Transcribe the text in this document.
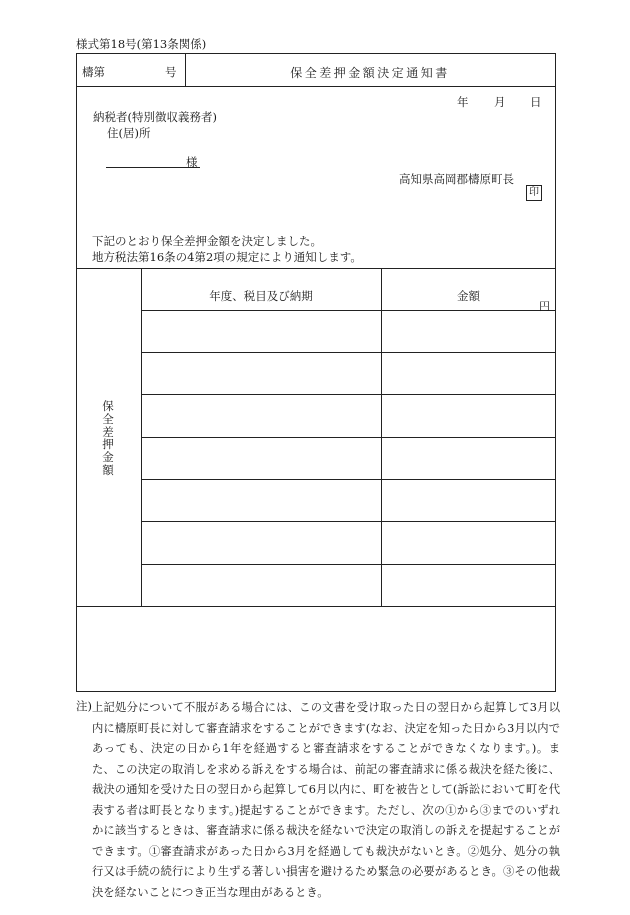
様式第18号(第13条関係)
檮第	号	保全差押金額決定通知書
年 月 日
納税者(特別徴収義務者)
住(居)所
様
高知県高岡郡檮原町長
印
下記のとおり保全差押金額を決定しました。
地方税法第16条の4第2項の規定により通知します。
保全差押金額
年度、税目及び納期	金額
円
注) 上記処分について不服がある場合には、この文書を受け取った日の翌日から起算して3月以内に檮原町長に対して審査請求をすることができます(なお、決定を知った日から3月以内であっても、決定の日から1年を経過すると審査請求をすることができなくなります。)。また、この決定の取消しを求める訴えをする場合は、前記の審査請求に係る裁決を経た後に、裁決の通知を受けた日の翌日から起算して6月以内に、町を被告として(訴訟において町を代表する者は町長となります。)提起することができます。ただし、次の①から③までのいずれかに該当するときは、審査請求に係る裁決を経ないで決定の取消しの訴えを提起することができます。①審査請求があった日から3月を経過しても裁決がないとき。②処分、処分の執行又は手続の続行により生ずる著しい損害を避けるため緊急の必要があるとき。③その他裁決を経ないことにつき正当な理由があるとき。
